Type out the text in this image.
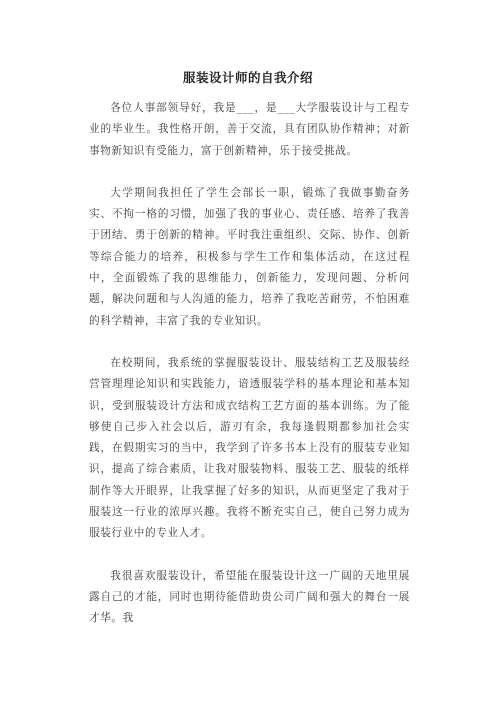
服装设计师的自我介绍

各位人事部领导好，我是___，是___大学服装设计与工程专业的毕业生。我性格开朗，善于交流，具有团队协作精神；对新事物新知识有受能力，富于创新精神，乐于接受挑战。

大学期间我担任了学生会部长一职，锻炼了我做事勤奋务实、不拘一格的习惯，加强了我的事业心、责任感、培养了我善于团结、勇于创新的精神。平时我注重组织、交际、协作、创新等综合能力的培养，积极参与学生工作和集体活动，在这过程中，全面锻炼了我的思维能力，创新能力，发现问题、分析问题，解决问题和与人沟通的能力，培养了我吃苦耐劳，不怕困难的科学精神，丰富了我的专业知识。

在校期间，我系统的掌握服装设计、服装结构工艺及服装经营管理理论知识和实践能力，谙透服装学科的基本理论和基本知识，受到服装设计方法和成衣结构工艺方面的基本训练。为了能够使自己步入社会以后，游刃有余，我每逢假期都参加社会实践，在假期实习的当中，我学到了许多书本上没有的服装专业知识，提高了综合素质，让我对服装物料、服装工艺、服装的纸样制作等大开眼界，让我掌握了好多的知识，从而更坚定了我对于服装这一行业的浓厚兴趣。我将不断充实自己，使自己努力成为服装行业中的专业人才。

我很喜欢服装设计，希望能在服装设计这一广阔的天地里展露自己的才能，同时也期待能借助贵公司广阔和强大的舞台一展才华。我
